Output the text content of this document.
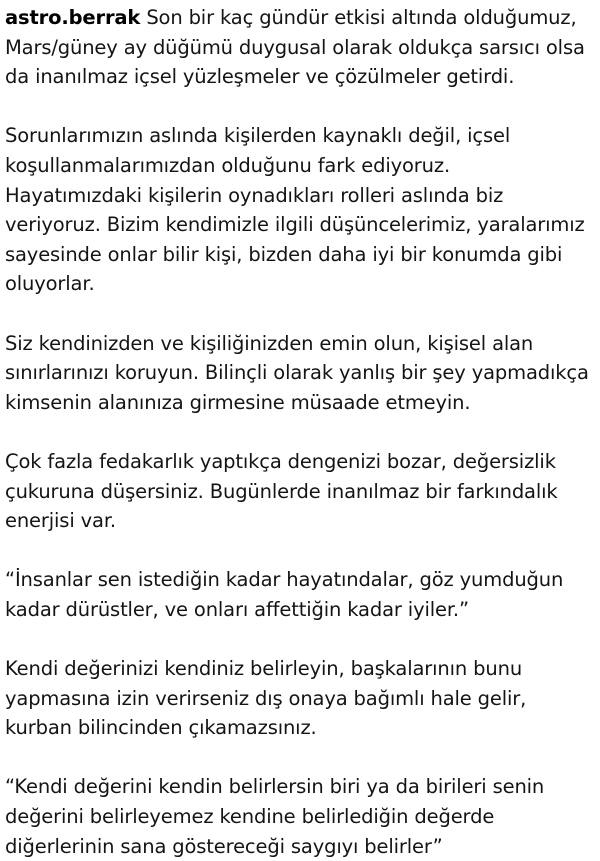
astro.berrak Son bir kaç gündür etkisi altında olduğumuz,
Mars/güney ay düğümü duygusal olarak oldukça sarsıcı olsa
da inanılmaz içsel yüzleşmeler ve çözülmeler getirdi.

Sorunlarımızın aslında kişilerden kaynaklı değil, içsel
koşullanmalarımızdan olduğunu fark ediyoruz.
Hayatımızdaki kişilerin oynadıkları rolleri aslında biz
veriyoruz. Bizim kendimizle ilgili düşüncelerimiz, yaralarımız
sayesinde onlar bilir kişi, bizden daha iyi bir konumda gibi
oluyorlar.

Siz kendinizden ve kişiliğinizden emin olun, kişisel alan
sınırlarınızı koruyun. Bilinçli olarak yanlış bir şey yapmadıkça
kimsenin alanınıza girmesine müsaade etmeyin.

Çok fazla fedakarlık yaptıkça dengenizi bozar, değersizlik
çukuruna düşersiniz. Bugünlerde inanılmaz bir farkındalık
enerjisi var.

“İnsanlar sen istediğin kadar hayatındalar, göz yumduğun
kadar dürüstler, ve onları affettiğin kadar iyiler.”

Kendi değerinizi kendiniz belirleyin, başkalarının bunu
yapmasına izin verirseniz dış onaya bağımlı hale gelir,
kurban bilincinden çıkamazsınız.

“Kendi değerini kendin belirlersin biri ya da birileri senin
değerini belirleyemez kendine belirlediğin değerde
diğerlerinin sana göstereceği saygıyı belirler”
